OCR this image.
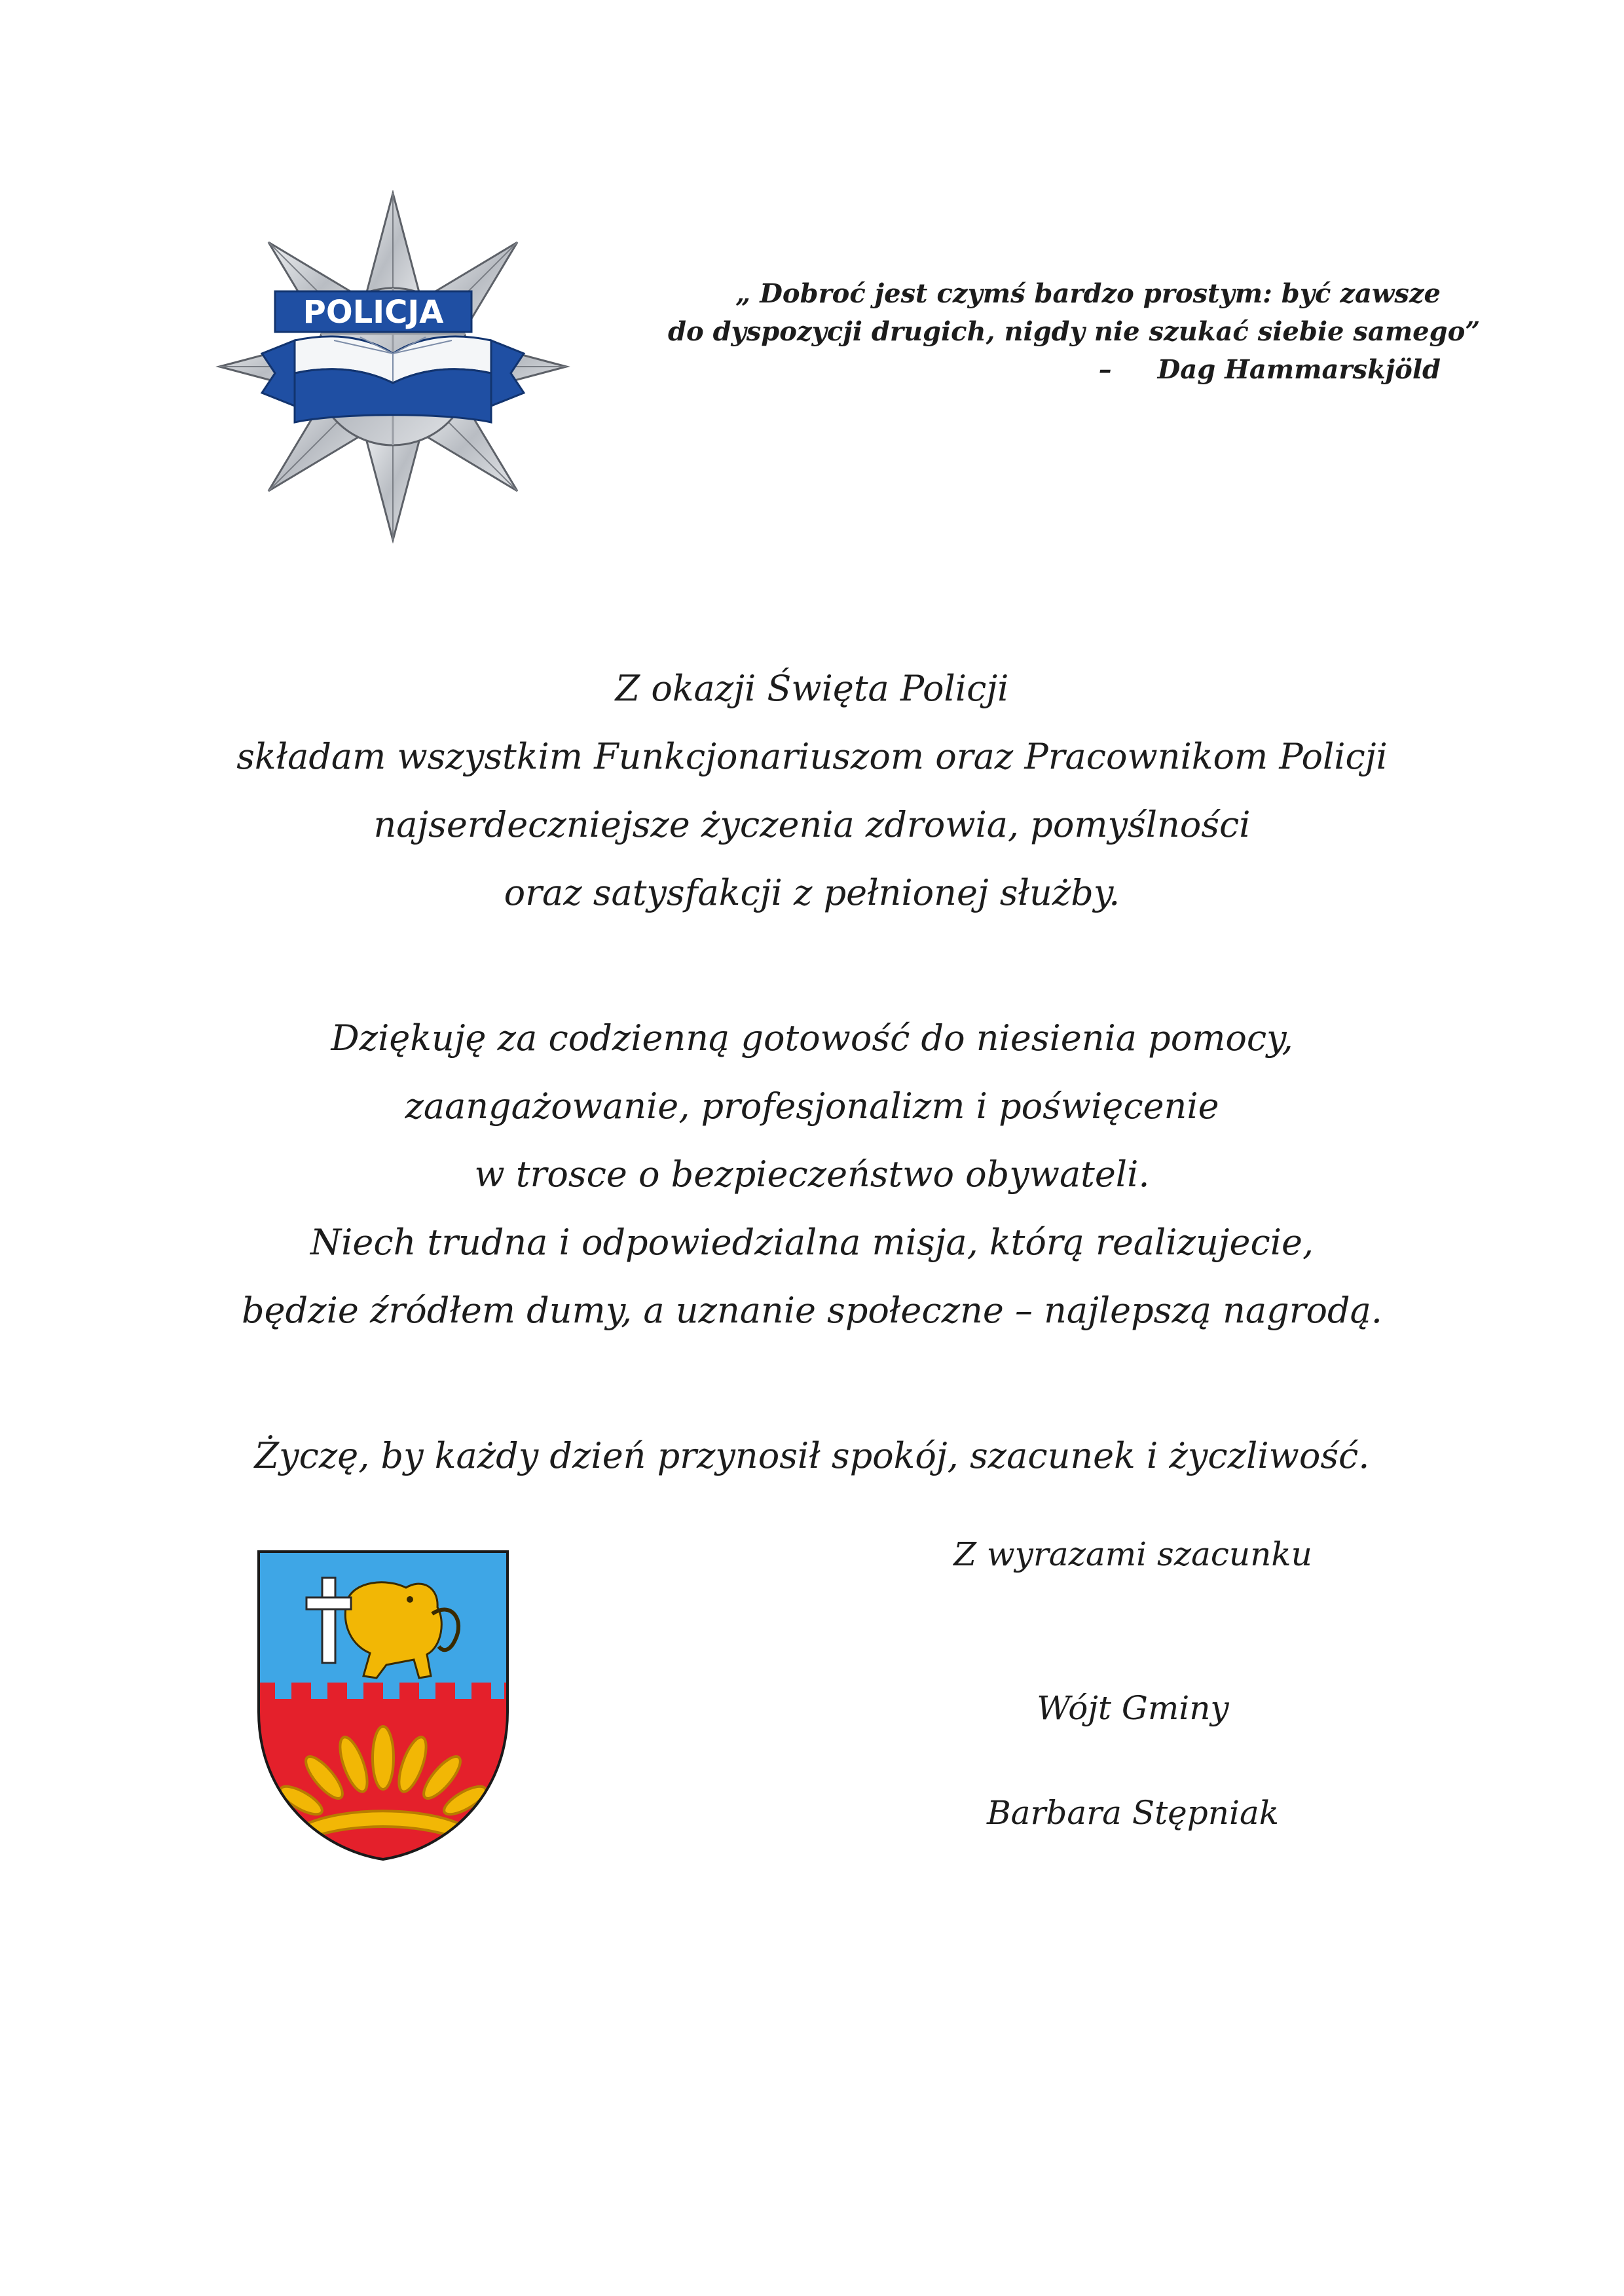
POLICJA
„ Dobroć jest czymś bardzo prostym: być zawsze
do dyspozycji drugich, nigdy nie szukać siebie samego”
– Dag Hammarskjöld
Z okazji Święta Policji
składam wszystkim Funkcjonariuszom oraz Pracownikom Policji
najserdeczniejsze życzenia zdrowia, pomyślności
oraz satysfakcji z pełnionej służby.
Dziękuję za codzienną gotowość do niesienia pomocy,
zaangażowanie, profesjonalizm i poświęcenie
w trosce o bezpieczeństwo obywateli.
Niech trudna i odpowiedzialna misja, którą realizujecie,
będzie źródłem dumy, a uznanie społeczne – najlepszą nagrodą.
Życzę, by każdy dzień przynosił spokój, szacunek i życzliwość.
Z wyrazami szacunku
Wójt Gminy
Barbara Stępniak
